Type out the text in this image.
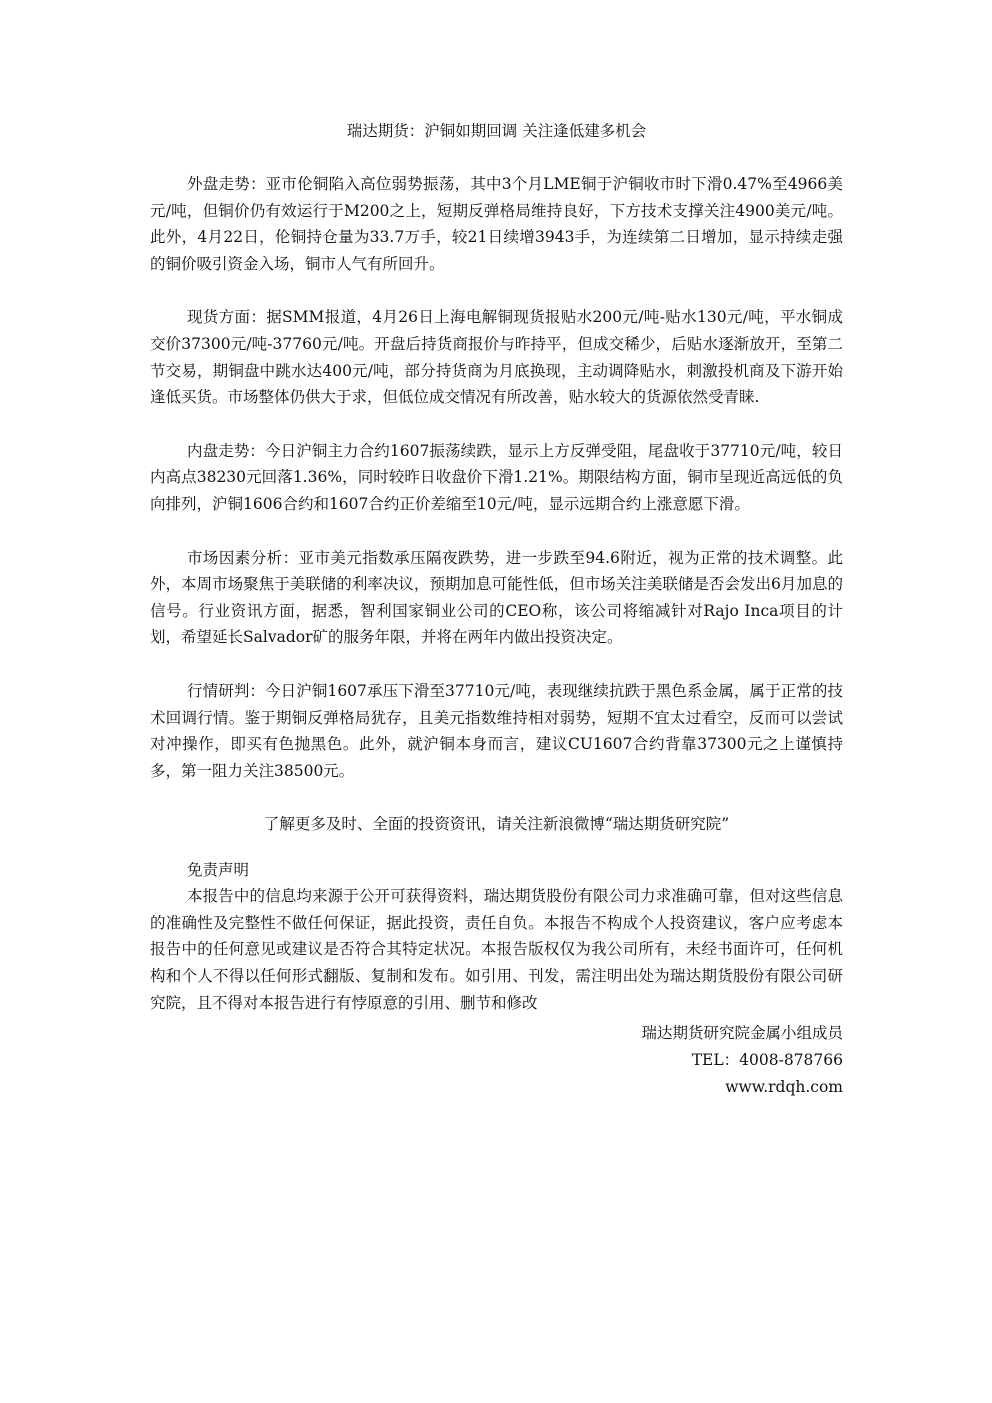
瑞达期货：沪铜如期回调 关注逢低建多机会

外盘走势：亚市伦铜陷入高位弱势振荡，其中3个月LME铜于沪铜收市时下滑0.47%至4966美元/吨，但铜价仍有效运行于M200之上，短期反弹格局维持良好，下方技术支撑关注4900美元/吨。此外，4月22日，伦铜持仓量为33.7万手，较21日续增3943手，为连续第二日增加，显示持续走强的铜价吸引资金入场，铜市人气有所回升。

现货方面：据SMM报道，4月26日上海电解铜现货报贴水200元/吨-贴水130元/吨，平水铜成交价37300元/吨-37760元/吨。开盘后持货商报价与昨持平，但成交稀少，后贴水逐渐放开，至第二节交易，期铜盘中跳水达400元/吨，部分持货商为月底换现，主动调降贴水，刺激投机商及下游开始逢低买货。市场整体仍供大于求，但低位成交情况有所改善，贴水较大的货源依然受青睐.

内盘走势：今日沪铜主力合约1607振荡续跌，显示上方反弹受阻，尾盘收于37710元/吨，较日内高点38230元回落1.36%，同时较昨日收盘价下滑1.21%。期限结构方面，铜市呈现近高远低的负向排列，沪铜1606合约和1607合约正价差缩至10元/吨，显示远期合约上涨意愿下滑。

市场因素分析：亚市美元指数承压隔夜跌势，进一步跌至94.6附近，视为正常的技术调整。此外，本周市场聚焦于美联储的利率决议，预期加息可能性低，但市场关注美联储是否会发出6月加息的信号。行业资讯方面，据悉，智利国家铜业公司的CEO称，该公司将缩减针对Rajo Inca项目的计划，希望延长Salvador矿的服务年限，并将在两年内做出投资决定。

行情研判：今日沪铜1607承压下滑至37710元/吨，表现继续抗跌于黑色系金属，属于正常的技术回调行情。鉴于期铜反弹格局犹存，且美元指数维持相对弱势，短期不宜太过看空，反而可以尝试对冲操作，即买有色抛黑色。此外，就沪铜本身而言，建议CU1607合约背靠37300元之上谨慎持多，第一阻力关注38500元。

了解更多及时、全面的投资资讯，请关注新浪微博“瑞达期货研究院”
免责声明

本报告中的信息均来源于公开可获得资料，瑞达期货股份有限公司力求准确可靠，但对这些信息的准确性及完整性不做任何保证，据此投资，责任自负。本报告不构成个人投资建议，客户应考虑本报告中的任何意见或建议是否符合其特定状况。本报告版权仅为我公司所有，未经书面许可，任何机构和个人不得以任何形式翻版、复制和发布。如引用、刊发，需注明出处为瑞达期货股份有限公司研究院，且不得对本报告进行有悖原意的引用、删节和修改

瑞达期货研究院金属小组成员
TEL：4008-878766
www.rdqh.com
